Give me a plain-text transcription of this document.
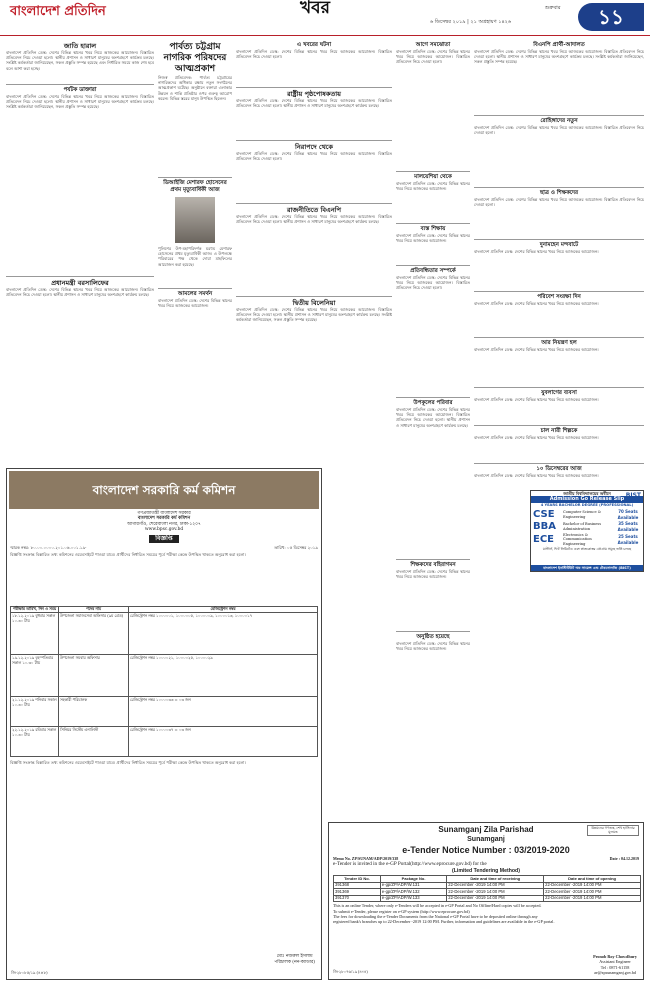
বাংলাদেশ প্রতিদিন	খবর	শুক্রবার
৬ ডিসেম্বর ২০১৯ | ২১ অগ্রহায়ণ ১৪২৬	১১
জাতি হারাল
বাংলাদেশ প্রতিদিন ডেস্ক: দেশের বিভিন্ন স্থানের খবর নিয়ে আজকের আয়োজন। বিস্তারিত প্রতিবেদন নিচে দেওয়া হলো। স্থানীয় প্রশাসন ও সাধারণ মানুষের অংশগ্রহণে কার্যক্রম চলছে। সংশ্লিষ্ট কর্মকর্তারা জানিয়েছেন, সকল প্রস্তুতি সম্পন্ন হয়েছে এবং নির্ধারিত সময়ে কাজ শেষ হবে বলে আশা করা হচ্ছে।
পর্যটক ডাক্তারা
বাংলাদেশ প্রতিদিন ডেস্ক: দেশের বিভিন্ন স্থানের খবর নিয়ে আজকের আয়োজন। বিস্তারিত প্রতিবেদন নিচে দেওয়া হলো। স্থানীয় প্রশাসন ও সাধারণ মানুষের অংশগ্রহণে কার্যক্রম চলছে। সংশ্লিষ্ট কর্মকর্তারা জানিয়েছেন, সকল প্রস্তুতি সম্পন্ন হয়েছে।
প্রধানমন্ত্রী বরসালিফের
বাংলাদেশ প্রতিদিন ডেস্ক: দেশের বিভিন্ন স্থানের খবর নিয়ে আজকের আয়োজন। বিস্তারিত প্রতিবেদন নিচে দেওয়া হলো। স্থানীয় প্রশাসন ও সাধারণ মানুষের অংশগ্রহণে কার্যক্রম চলছে।
পার্বত্য চট্টগ্রাম নাগরিক পরিষদের আত্মপ্রকাশ
নিজস্ব প্রতিবেদক: পার্বত্য চট্টগ্রামের নাগরিকদের অধিকার রক্ষায় নতুন সংগঠনের আত্মপ্রকাশ ঘটেছে। অনুষ্ঠানে বক্তারা এলাকার উন্নয়ন ও শান্তি প্রতিষ্ঠার ওপর গুরুত্ব আরোপ করেন। বিভিন্ন স্তরের মানুষ উপস্থিত ছিলেন।
ডিআইজি মেশারফ হোসেনের প্রথম মৃত্যুবার্ষিকী আজ
পুলিশের উপ-মহাপরিদর্শক মরহুম মেশারফ হোসেনের প্রথম মৃত্যুবার্ষিকী আজ। এ উপলক্ষে পরিবারের পক্ষ থেকে দোয়া মাহফিলের আয়োজন করা হয়েছে।
আমলের সমর্থন
বাংলাদেশ প্রতিদিন ডেস্ক: দেশের বিভিন্ন স্থানের খবর নিয়ে আজকের আয়োজন।
এ খবরের ঘটনা
বাংলাদেশ প্রতিদিন ডেস্ক: দেশের বিভিন্ন স্থানের খবর নিয়ে আজকের আয়োজন। বিস্তারিত প্রতিবেদন নিচে দেওয়া হলো।
রাষ্ট্রীয় পৃষ্ঠপোষকতায়
বাংলাদেশ প্রতিদিন ডেস্ক: দেশের বিভিন্ন স্থানের খবর নিয়ে আজকের আয়োজন। বিস্তারিত প্রতিবেদন নিচে দেওয়া হলো। স্থানীয় প্রশাসন ও সাধারণ মানুষের অংশগ্রহণে কার্যক্রম চলছে।
নিরাপদে থেকে
বাংলাদেশ প্রতিদিন ডেস্ক: দেশের বিভিন্ন স্থানের খবর নিয়ে আজকের আয়োজন। বিস্তারিত প্রতিবেদন নিচে দেওয়া হলো।
রাজনীতিতে বিএনপি
বাংলাদেশ প্রতিদিন ডেস্ক: দেশের বিভিন্ন স্থানের খবর নিয়ে আজকের আয়োজন। বিস্তারিত প্রতিবেদন নিচে দেওয়া হলো। স্থানীয় প্রশাসন ও সাধারণ মানুষের অংশগ্রহণে কার্যক্রম চলছে।
দ্বিতীয় বিলেনিয়া
বাংলাদেশ প্রতিদিন ডেস্ক: দেশের বিভিন্ন স্থানের খবর নিয়ে আজকের আয়োজন। বিস্তারিত প্রতিবেদন নিচে দেওয়া হলো। স্থানীয় প্রশাসন ও সাধারণ মানুষের অংশগ্রহণে কার্যক্রম চলছে। সংশ্লিষ্ট কর্মকর্তারা জানিয়েছেন, সকল প্রস্তুতি সম্পন্ন হয়েছে।
আগে সমঝোতা
বাংলাদেশ প্রতিদিন ডেস্ক: দেশের বিভিন্ন স্থানের খবর নিয়ে আজকের আয়োজন। বিস্তারিত প্রতিবেদন নিচে দেওয়া হলো।
মালয়েশিয়া থেকে
বাংলাদেশ প্রতিদিন ডেস্ক: দেশের বিভিন্ন স্থানের খবর নিয়ে আজকের আয়োজন।
ব্যস্ত শিক্ষায়
বাংলাদেশ প্রতিদিন ডেস্ক: দেশের বিভিন্ন স্থানের খবর নিয়ে আজকের আয়োজন।
প্রতিবন্ধিতার সম্পর্কে
বাংলাদেশ প্রতিদিন ডেস্ক: দেশের বিভিন্ন স্থানের খবর নিয়ে আজকের আয়োজন। বিস্তারিত প্রতিবেদন নিচে দেওয়া হলো।
উপকূলের পরিবার
বাংলাদেশ প্রতিদিন ডেস্ক: দেশের বিভিন্ন স্থানের খবর নিয়ে আজকের আয়োজন। বিস্তারিত প্রতিবেদন নিচে দেওয়া হলো। স্থানীয় প্রশাসন ও সাধারণ মানুষের অংশগ্রহণে কার্যক্রম চলছে।
শিক্ষকদের বহিরাগমন
বাংলাদেশ প্রতিদিন ডেস্ক: দেশের বিভিন্ন স্থানের খবর নিয়ে আজকের আয়োজন।
অনুষ্ঠিত হয়েছে
বাংলাদেশ প্রতিদিন ডেস্ক: দেশের বিভিন্ন স্থানের খবর নিয়ে আজকের আয়োজন।
বিএনপি প্রার্থী-আদালত
বাংলাদেশ প্রতিদিন ডেস্ক: দেশের বিভিন্ন স্থানের খবর নিয়ে আজকের আয়োজন। বিস্তারিত প্রতিবেদন নিচে দেওয়া হলো। স্থানীয় প্রশাসন ও সাধারণ মানুষের অংশগ্রহণে কার্যক্রম চলছে। সংশ্লিষ্ট কর্মকর্তারা জানিয়েছেন, সকল প্রস্তুতি সম্পন্ন হয়েছে।
রোহিঙ্গাদের নতুন
বাংলাদেশ প্রতিদিন ডেস্ক: দেশের বিভিন্ন স্থানের খবর নিয়ে আজকের আয়োজন। বিস্তারিত প্রতিবেদন নিচে দেওয়া হলো।
ছাত্র ও শিক্ষকদের
বাংলাদেশ প্রতিদিন ডেস্ক: দেশের বিভিন্ন স্থানের খবর নিয়ে আজকের আয়োজন। বিস্তারিত প্রতিবেদন নিচে দেওয়া হলো।
দুনামহেন মন্দবাটে
বাংলাদেশ প্রতিদিন ডেস্ক: দেশের বিভিন্ন স্থানের খবর নিয়ে আজকের আয়োজন।
পরিবেশ সংরক্ষা দিন
বাংলাদেশ প্রতিদিন ডেস্ক: দেশের বিভিন্ন স্থানের খবর নিয়ে আজকের আয়োজন।
আর নিয়ন্ত্রণ হল
বাংলাদেশ প্রতিদিন ডেস্ক: দেশের বিভিন্ন স্থানের খবর নিয়ে আজকের আয়োজন।
যুবলাগের ব্যবসা
বাংলাদেশ প্রতিদিন ডেস্ক: দেশের বিভিন্ন স্থানের খবর নিয়ে আজকের আয়োজন।
চাল নারী শিল্পকে
বাংলাদেশ প্রতিদিন ডেস্ক: দেশের বিভিন্ন স্থানের খবর নিয়ে আজকের আয়োজন।
১০ ডিসেম্বরের আজ
বাংলাদেশ প্রতিদিন ডেস্ক: দেশের বিভিন্ন স্থানের খবর নিয়ে আজকের আয়োজন।
জাতীয় বিশ্ববিদ্যালয়ের অধীনে
Admission Go Release Slip
4 YEARS BACHELOR DEGREE (PROFESSIONAL)
CSE	Computer Science & Engineering
70 Seats Available
BBA	Bachelor of Business Administration
35 Seats Available
ECE	Electronics & Communication Engineering
25 Seats Available
মাস্টার্স, ফিট লিমিটেড এবং স্নাতকোত্তর প্রোগ্রাম সমূহে ভর্তি চলছে
বাংলাদেশ ইনস্টিটিউট অব সায়েন্স এন্ড টেকনোলজি (BIST)
BIST
বাংলাদেশ সরকারি কর্ম কমিশন
গণপ্রজাতন্ত্রী বাংলাদেশ সরকার
বাংলাদেশ সরকারি কর্ম কমিশন
আগারগাঁও, শেরেবাংলা নগর, ঢাকা-১২০৭
www.bpsc.gov.bd
বিজ্ঞপ্তি
স্মারক নম্বর: ৮০.০০.০০০০.২০১.০৬.০০১.১৯-	তারিখ: ০৫ ডিসেম্বর ২০১৯
বিজ্ঞপ্তি সংক্রান্ত বিস্তারিত তথ্য কমিশনের ওয়েবসাইটে পাওয়া যাবে। প্রার্থীদের নির্ধারিত সময়ের পূর্বে পরীক্ষা কেন্দ্রে উপস্থিত থাকতে অনুরোধ করা হলো।
পরীক্ষার তারিখ, দিন ও সময়	পদের নাম	রেজিস্ট্রেশন নম্বর
১৮.১২.২০১৯ বুধবার সকাল ১০.৩০ টায়	উপজেলা সমাজসেবা অফিসার (৯ম গ্রেড)	রেজিস্ট্রেশন নম্বর ১০০০০০১, ১০০০০০৫, ১০০০০০৯, ১০০০০১৩, ১০০০০১৭
১৯.১২.২০১৯ বৃহস্পতিবার সকাল ১০.৩০ টায়	উপজেলা সমবায় অফিসার	রেজিস্ট্রেশন নম্বর ১০০০০২১, ১০০০০২৫, ১০০০০২৯
২১.১২.২০১৯ শনিবার সকাল ১০.৩০ টায়	সহকারী পরিচালক	রেজিস্ট্রেশন নম্বর ১০০০০৩৩ = ০৩ জন
২২.১২.২০১৯ রবিবার সকাল ১০.৩০ টায়	সিনিয়র সিস্টেম এনালিস্ট	রেজিস্ট্রেশন নম্বর ১০০০০৩৭ = ০৩ জন
বিজ্ঞপ্তি সংক্রান্ত বিস্তারিত তথ্য কমিশনের ওয়েবসাইটে পাওয়া যাবে। প্রার্থীদের নির্ধারিত সময়ের পূর্বে পরীক্ষা কেন্দ্রে উপস্থিত থাকতে অনুরোধ করা হলো।
মোঃ নজরুল ইসলাম
পরিচালক (নন-ক্যাডার)
জি-২৮০৮৫/১৯ (৪×৮)
Sunamganj Zila Parishad
Sunamganj
উন্নয়নের গণতন্ত্র, শেখ হাসিনার মূলমন্ত্র
e-Tender Notice Number : 03/2019-2020
Memo No. ZP/SUNAM/ADP/2019/338	Date : 04.12.2019
e-Tender is invited in the e-GP Portal(http://www.eprocure.gov.bd) for the
(Limited Tendering Method)
Tender ID No.	Package No.	Date and time of receiving	Date and time of opening
391368	e-gp/ZP/ADP/W.131	22-December -2019 14:00 PM	22-December -2019 14:00 PM
391369	e-gp/ZP/ADP/W.132	22-December -2019 14:00 PM	22-December -2019 14:00 PM
391370	e-gp/ZP/ADP/W.133	22-December -2019 14:00 PM	22-December -2019 14:00 PM
This is an online Tender, where only e-Tenders will be accepted in e-GP Portal and No Offline/Hard copies will be accepted.
To submit e-Tender, please register on e-GP system (http://www.eprocure.gov.bd)
The fees for downloading the e-Tender Documents from the National e-GP Portal have to be deposited online through any registered bank's branches up to 22-December -2019 12:00 PM. Further, information and guidelines are available in the e-GP portal.
Pronob Roy Chowdhury
Assistant Engineer
Tel : 0871-61158
ae@zpsunamganj.gov.bd
জি-২৮০৭৬/১৯ (৪×৪)
